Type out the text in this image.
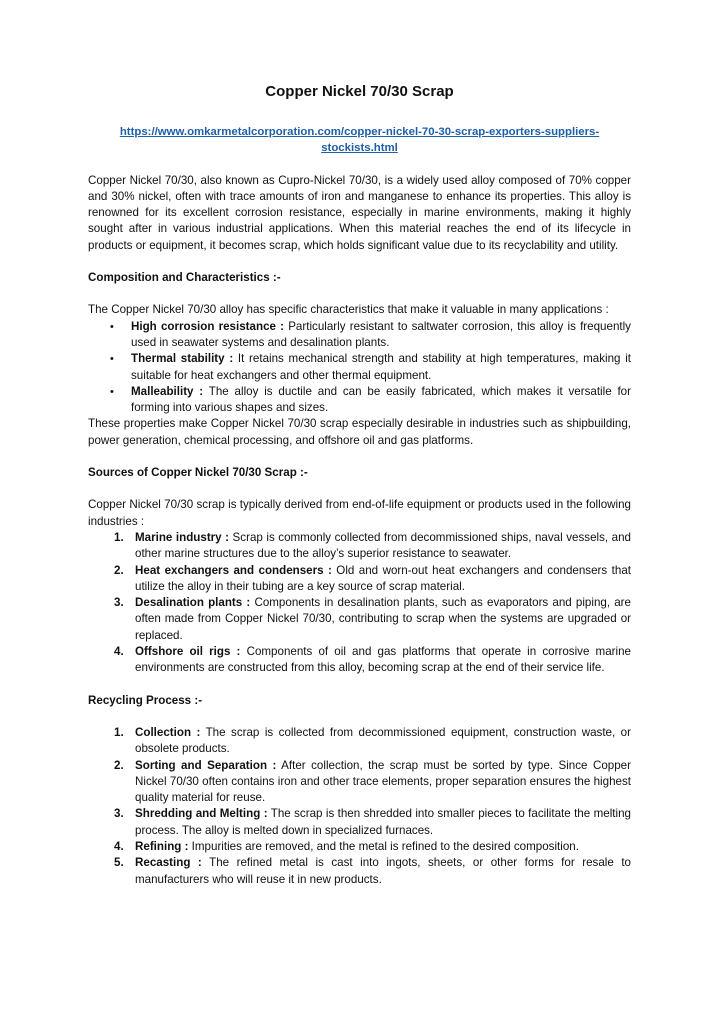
Copper Nickel 70/30 Scrap
https://www.omkarmetalcorporation.com/copper-nickel-70-30-scrap-exporters-suppliers-stockists.html

Copper Nickel 70/30, also known as Cupro-Nickel 70/30, is a widely used alloy composed of 70% copper and 30% nickel, often with trace amounts of iron and manganese to enhance its properties. This alloy is renowned for its excellent corrosion resistance, especially in marine environments, making it highly sought after in various industrial applications. When this material reaches the end of its lifecycle in products or equipment, it becomes scrap, which holds significant value due to its recyclability and utility.

Composition and Characteristics :-

The Copper Nickel 70/30 alloy has specific characteristics that make it valuable in many applications :

• High corrosion resistance : Particularly resistant to saltwater corrosion, this alloy is frequently used in seawater systems and desalination plants.
• Thermal stability : It retains mechanical strength and stability at high temperatures, making it suitable for heat exchangers and other thermal equipment.
• Malleability : The alloy is ductile and can be easily fabricated, which makes it versatile for forming into various shapes and sizes.

These properties make Copper Nickel 70/30 scrap especially desirable in industries such as shipbuilding, power generation, chemical processing, and offshore oil and gas platforms.

Sources of Copper Nickel 70/30 Scrap :-

Copper Nickel 70/30 scrap is typically derived from end-of-life equipment or products used in the following industries :

1. Marine industry : Scrap is commonly collected from decommissioned ships, naval vessels, and other marine structures due to the alloy’s superior resistance to seawater.
2. Heat exchangers and condensers : Old and worn-out heat exchangers and condensers that utilize the alloy in their tubing are a key source of scrap material.
3. Desalination plants : Components in desalination plants, such as evaporators and piping, are often made from Copper Nickel 70/30, contributing to scrap when the systems are upgraded or replaced.
4. Offshore oil rigs : Components of oil and gas platforms that operate in corrosive marine environments are constructed from this alloy, becoming scrap at the end of their service life.

Recycling Process :-

1. Collection : The scrap is collected from decommissioned equipment, construction waste, or obsolete products.
2. Sorting and Separation : After collection, the scrap must be sorted by type. Since Copper Nickel 70/30 often contains iron and other trace elements, proper separation ensures the highest quality material for reuse.
3. Shredding and Melting : The scrap is then shredded into smaller pieces to facilitate the melting process. The alloy is melted down in specialized furnaces.
4. Refining : Impurities are removed, and the metal is refined to the desired composition.
5. Recasting : The refined metal is cast into ingots, sheets, or other forms for resale to manufacturers who will reuse it in new products.
